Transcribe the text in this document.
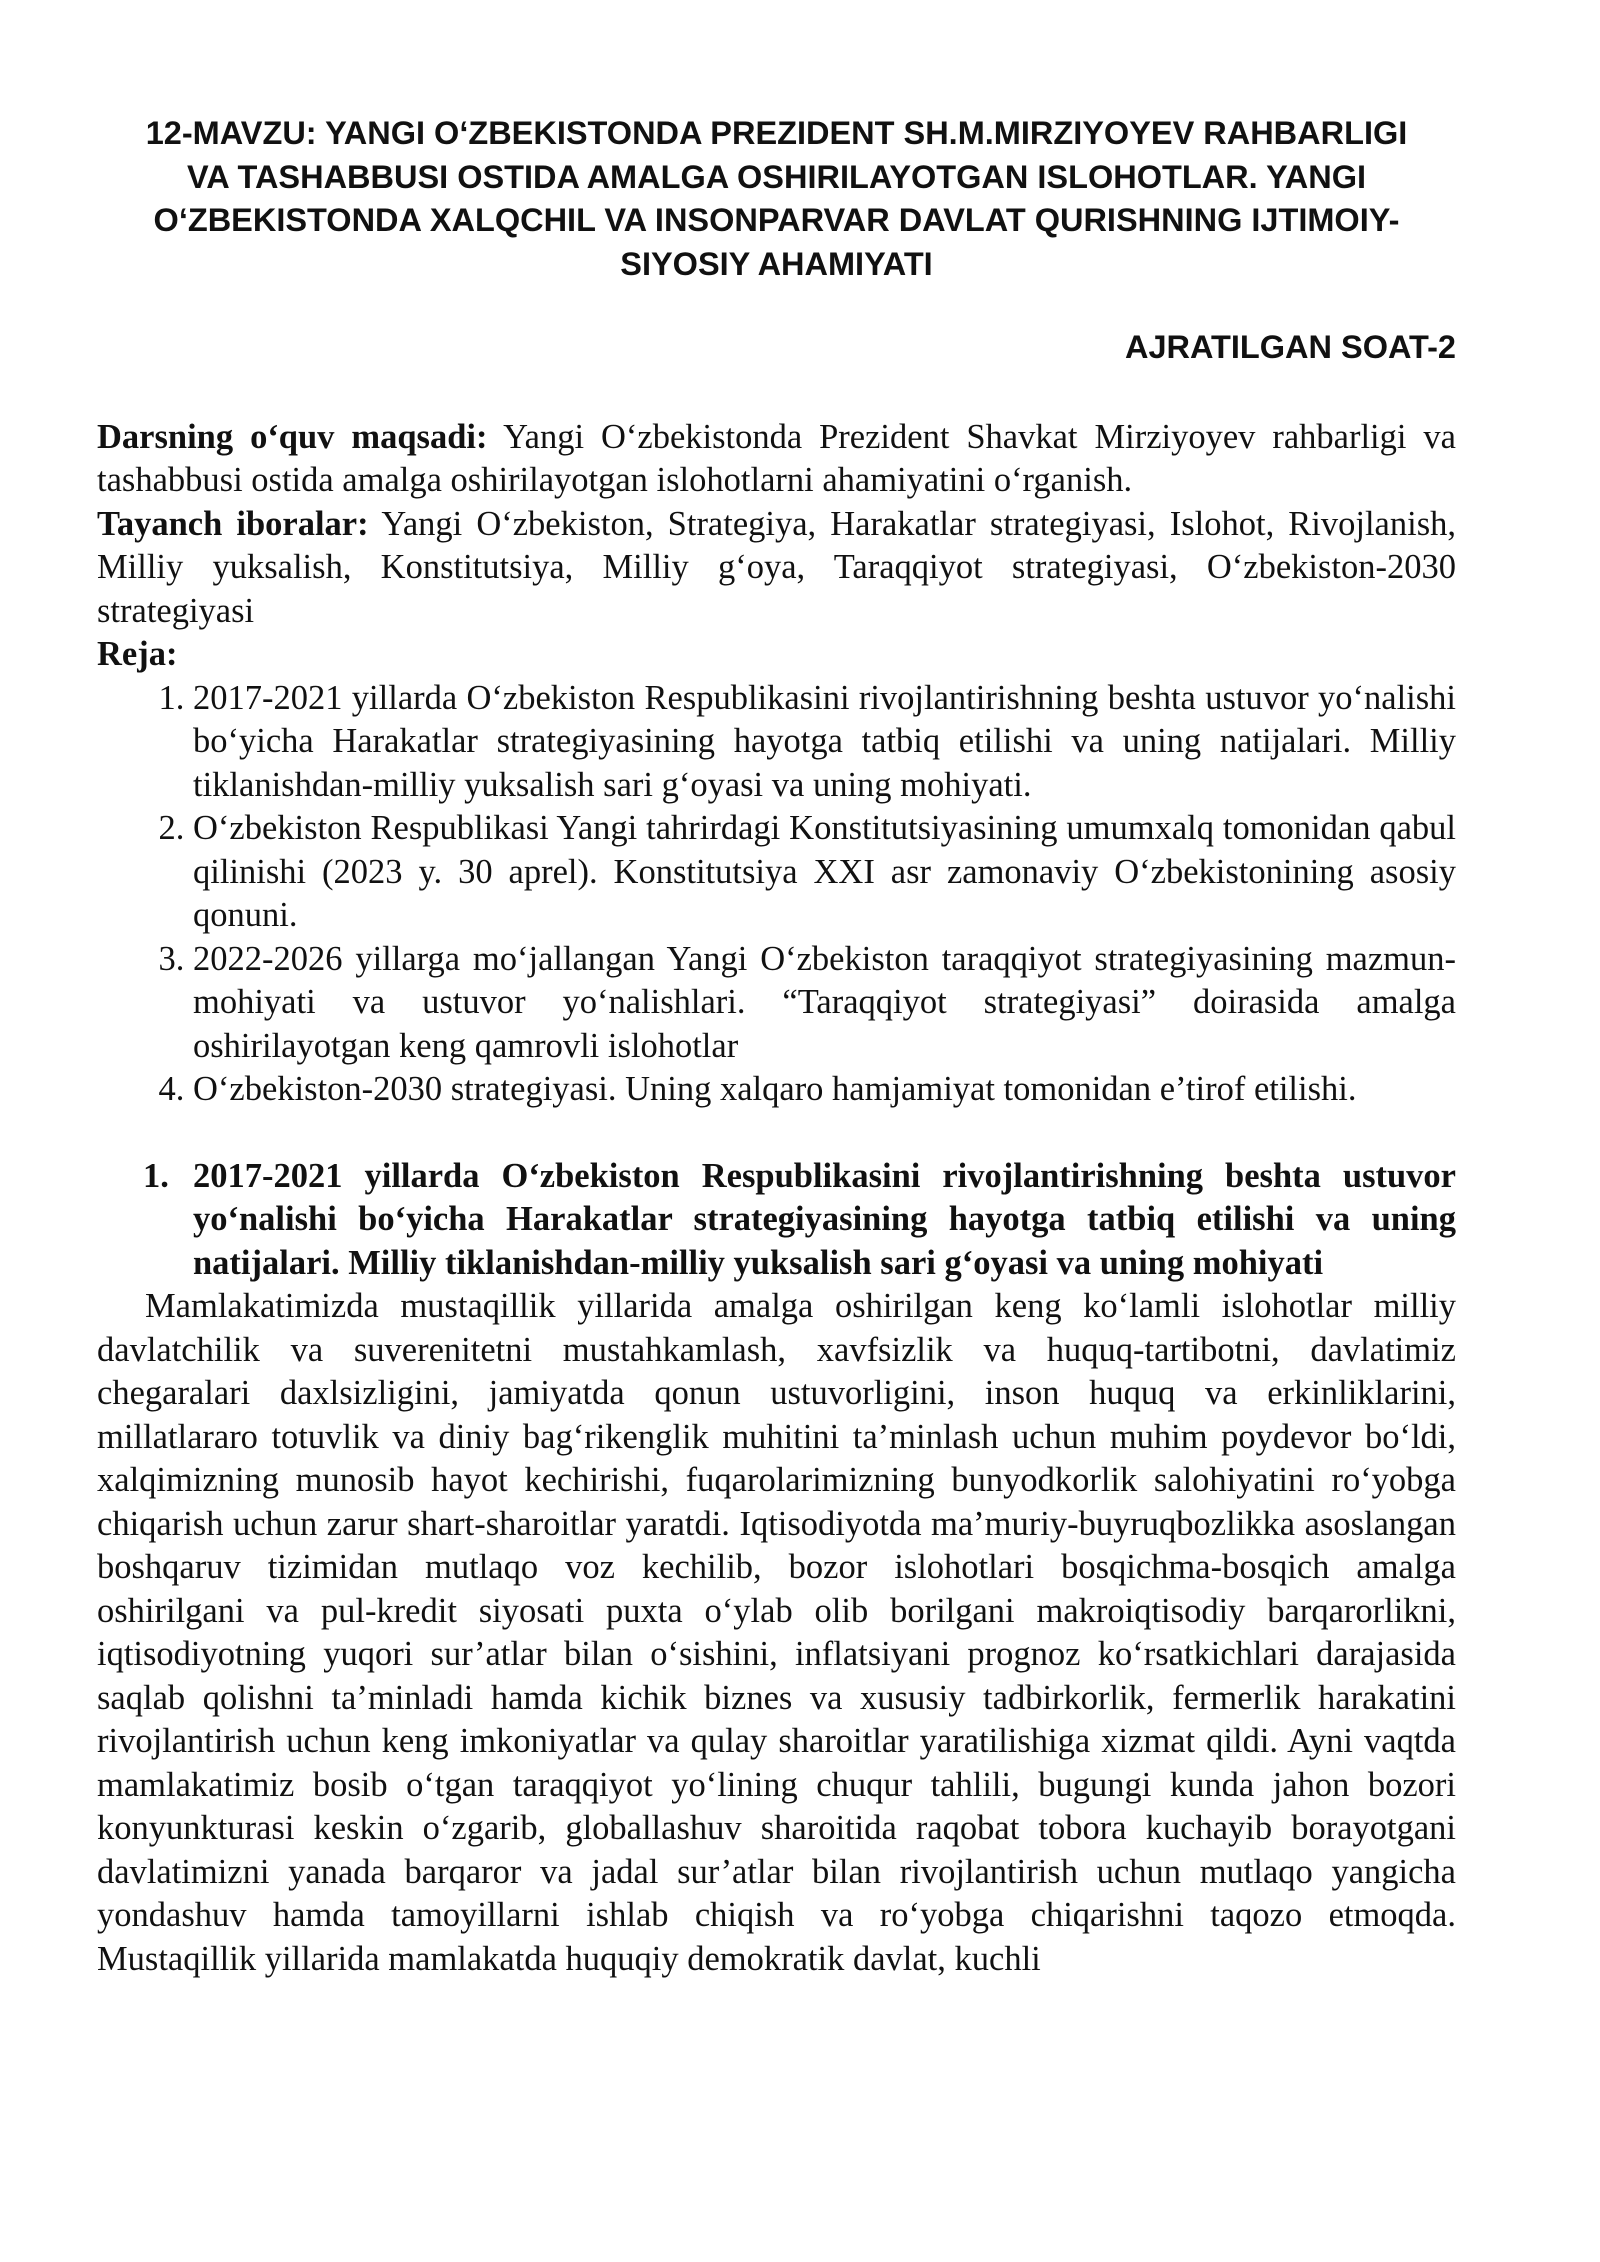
12-MAVZU: YANGI O‘ZBEKISTONDA PREZIDENT SH.M.MIRZIYOYEV RAHBARLIGI VA TASHABBUSI OSTIDA AMALGA OSHIRILAYOTGAN ISLOHOTLAR. YANGI O‘ZBEKISTONDA XALQCHIL VA INSONPARVAR DAVLAT QURISHNING IJTIMOIY-SIYOSIY AHAMIYATI
AJRATILGAN SOAT-2

Darsning o‘quv maqsadi: Yangi O‘zbekistonda Prezident Shavkat Mirziyoyev rahbarligi va tashabbusi ostida amalga oshirilayotgan islohotlarni ahamiyatini o‘rganish.

Tayanch iboralar: Yangi O‘zbekiston, Strategiya, Harakatlar strategiyasi, Islohot, Rivojlanish, Milliy yuksalish, Konstitutsiya, Milliy g‘oya, Taraqqiyot strategiyasi, O‘zbekiston-2030 strategiyasi

Reja:

1. 2017-2021 yillarda O‘zbekiston Respublikasini rivojlantirishning beshta ustuvor yo‘nalishi bo‘yicha Harakatlar strategiyasining hayotga tatbiq etilishi va uning natijalari. Milliy tiklanishdan-milliy yuksalish sari g‘oyasi va uning mohiyati.
2. O‘zbekiston Respublikasi Yangi tahrirdagi Konstitutsiyasining umumxalq tomonidan qabul qilinishi (2023 y. 30 aprel). Konstitutsiya XXI asr zamonaviy O‘zbekistonining asosiy qonuni.
3. 2022-2026 yillarga mo‘jallangan Yangi O‘zbekiston taraqqiyot strategiyasining mazmun-mohiyati va ustuvor yo‘nalishlari. “Taraqqiyot strategiyasi” doirasida amalga oshirilayotgan keng qamrovli islohotlar
4. O‘zbekiston-2030 strategiyasi. Uning xalqaro hamjamiyat tomonidan e’tirof etilishi.
1. 2017-2021 yillarda O‘zbekiston Respublikasini rivojlantirishning beshta ustuvor yo‘nalishi bo‘yicha Harakatlar strategiyasining hayotga tatbiq etilishi va uning natijalari. Milliy tiklanishdan-milliy yuksalish sari g‘oyasi va uning mohiyati

Mamlakatimizda mustaqillik yillarida amalga oshirilgan keng ko‘lamli islohotlar milliy davlatchilik va suverenitetni mustahkamlash, xavfsizlik va huquq-tartibotni, davlatimiz chegaralari daxlsizligini, jamiyatda qonun ustuvorligini, inson huquq va erkinliklarini, millatlararo totuvlik va diniy bag‘rikenglik muhitini ta’minlash uchun muhim poydevor bo‘ldi, xalqimizning munosib hayot kechirishi, fuqarolarimizning bunyodkorlik salohiyatini ro‘yobga chiqarish uchun zarur shart-sharoitlar yaratdi. Iqtisodiyotda ma’muriy-buyruqbozlikka asoslangan boshqaruv tizimidan mutlaqo voz kechilib, bozor islohotlari bosqichma-bosqich amalga oshirilgani va pul-kredit siyosati puxta o‘ylab olib borilgani makroiqtisodiy barqarorlikni, iqtisodiyotning yuqori sur’atlar bilan o‘sishini, inflatsiyani prognoz ko‘rsatkichlari darajasida saqlab qolishni ta’minladi hamda kichik biznes va xususiy tadbirkorlik, fermerlik harakatini rivojlantirish uchun keng imkoniyatlar va qulay sharoitlar yaratilishiga xizmat qildi. Ayni vaqtda mamlakatimiz bosib o‘tgan taraqqiyot yo‘lining chuqur tahlili, bugungi kunda jahon bozori konyunkturasi keskin o‘zgarib, globallashuv sharoitida raqobat tobora kuchayib borayotgani davlatimizni yanada barqaror va jadal sur’atlar bilan rivojlantirish uchun mutlaqo yangicha yondashuv hamda tamoyillarni ishlab chiqish va ro‘yobga chiqarishni taqozo etmoqda. Mustaqillik yillarida mamlakatda huquqiy demokratik davlat, kuchli
